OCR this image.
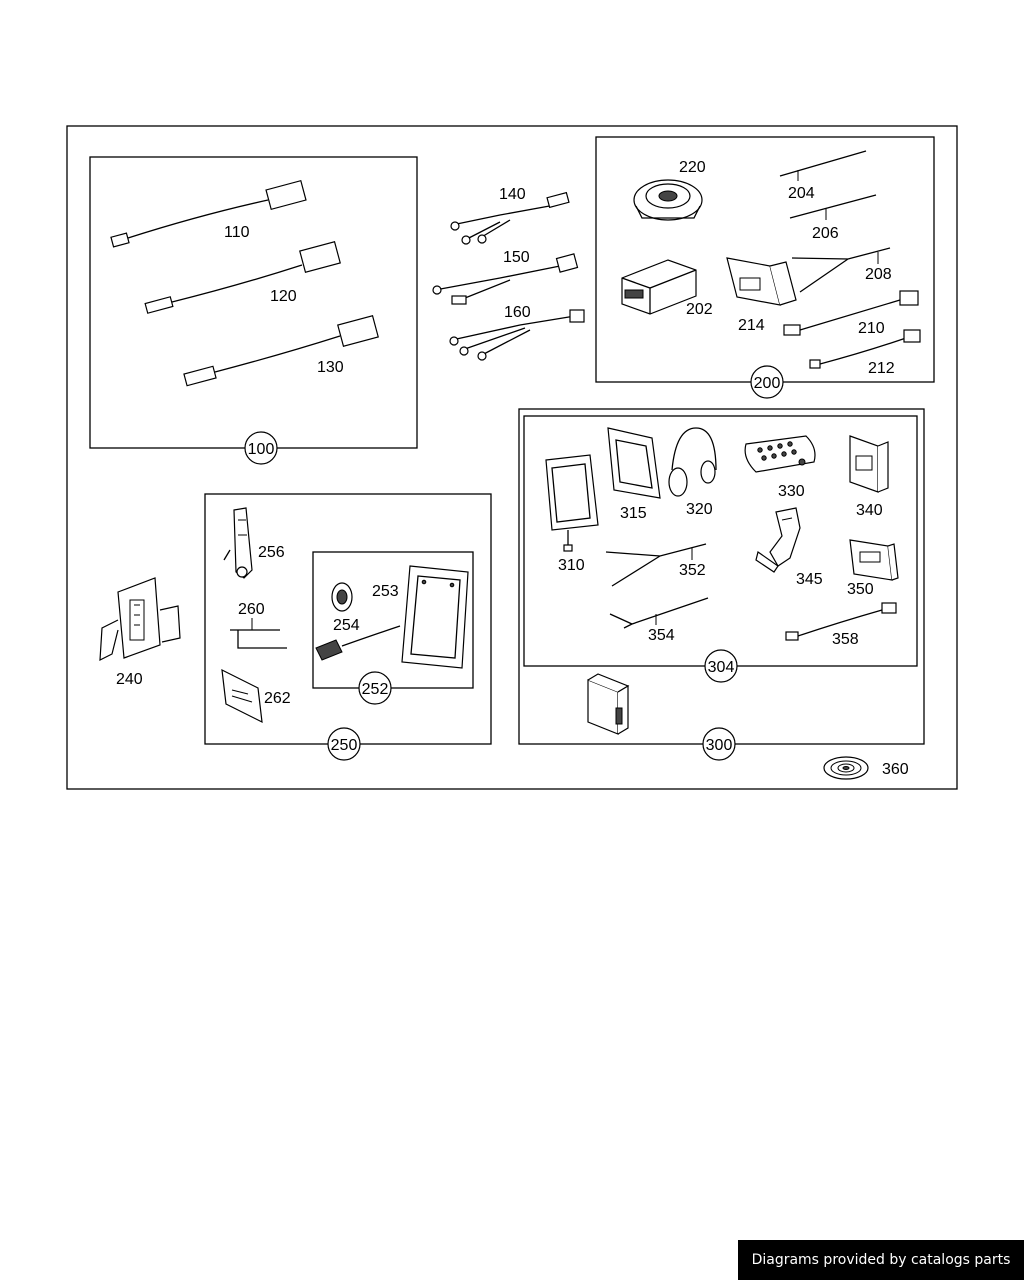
100
110
120
130
140
150
160
200
220
202
214
204
206
208
210
212
240
250
256
260
262
252
254
253
300
304
310
315 320
330
340
352
345
350
354	358
360
Diagrams provided by catalogs parts
